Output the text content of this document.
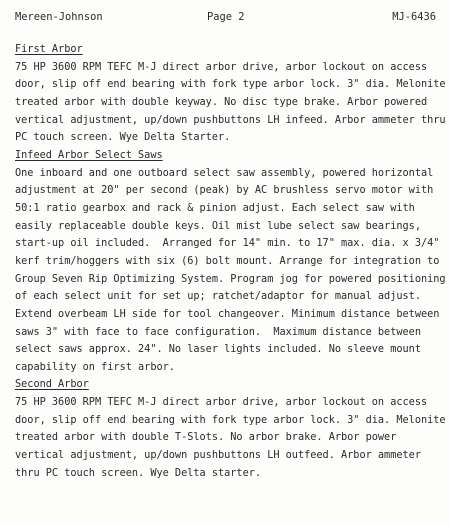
Mereen-Johnson	Page 2	MJ-6436
First Arbor
75 HP 3600 RPM TEFC M-J direct arbor drive, arbor lockout on access
door, slip off end bearing with fork type arbor lock. 3" dia. Melonite
treated arbor with double keyway. No disc type brake. Arbor powered
vertical adjustment, up/down pushbuttons LH infeed. Arbor ammeter thru
PC touch screen. Wye Delta Starter.
Infeed Arbor Select Saws
One inboard and one outboard select saw assembly, powered horizontal
adjustment at 20" per second (peak) by AC brushless servo motor with
50:1 ratio gearbox and rack & pinion adjust. Each select saw with
easily replaceable double keys. Oil mist lube select saw bearings,
start-up oil included.  Arranged for 14" min. to 17" max. dia. x 3/4"
kerf trim/hoggers with six (6) bolt mount. Arrange for integration to
Group Seven Rip Optimizing System. Program jog for powered positioning
of each select unit for set up; ratchet/adaptor for manual adjust.
Extend overbeam LH side for tool changeover. Minimum distance between
saws 3" with face to face configuration.  Maximum distance between
select saws approx. 24". No laser lights included. No sleeve mount
capability on first arbor.
Second Arbor
75 HP 3600 RPM TEFC M-J direct arbor drive, arbor lockout on access
door, slip off end bearing with fork type arbor lock. 3" dia. Melonite
treated arbor with double T-Slots. No arbor brake. Arbor power
vertical adjustment, up/down pushbuttons LH outfeed. Arbor ammeter
thru PC touch screen. Wye Delta starter.
